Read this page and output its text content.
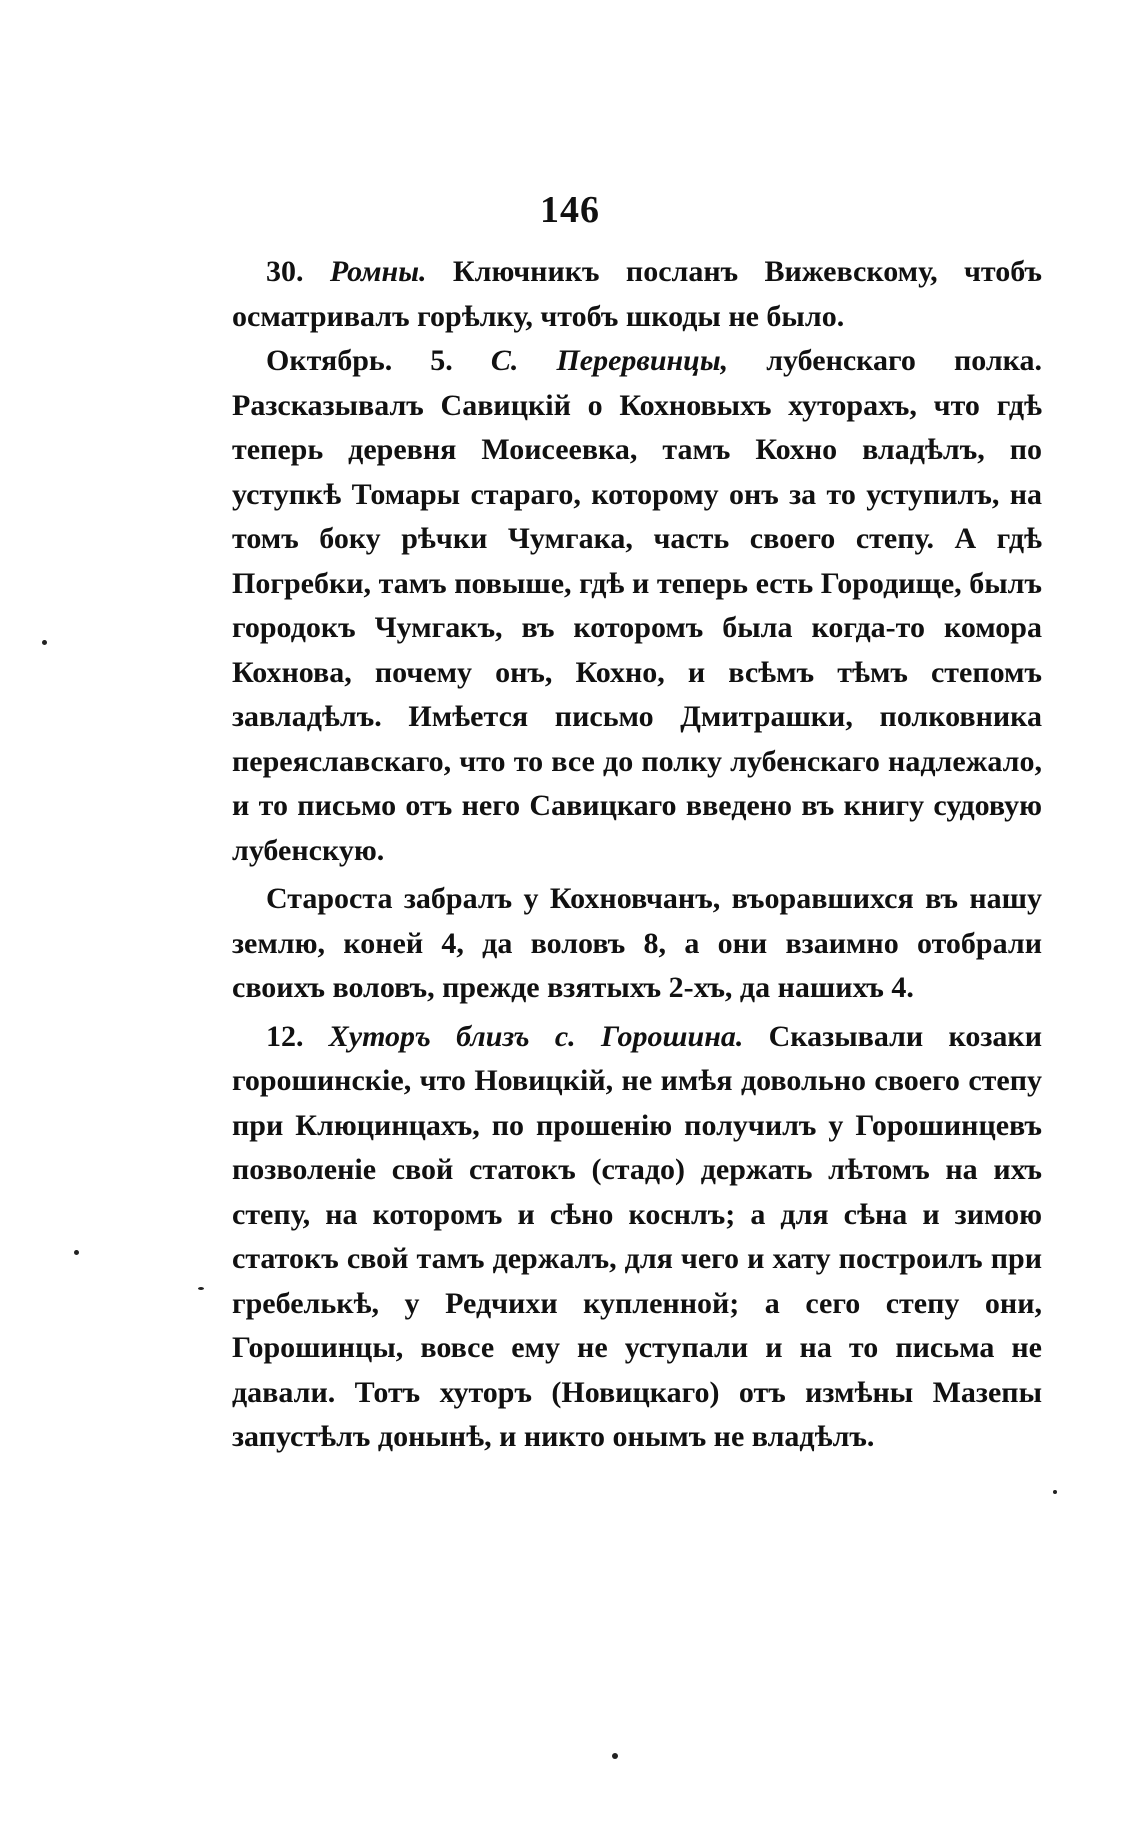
146

30. Ромны. Ключникъ посланъ Вижевскому, чтобъ осматривалъ горѣлку, чтобъ шкоды не было.

Октябрь. 5. С. Перервинцы, лубенскаго полка. Разсказывалъ Савицкій о Кохновыхъ хуторахъ, что гдѣ теперь деревня Моисеевка, тамъ Кохно владѣлъ, по уступкѣ Томары стараго, которому онъ за то уступилъ, на томъ боку рѣчки Чумгака, часть своего степу. А гдѣ Погребки, тамъ повыше, гдѣ и теперь есть Городище, былъ городокъ Чумгакъ, въ которомъ была когда-то комора Кохнова, почему онъ, Кохно, и всѣмъ тѣмъ степомъ завладѣлъ. Имѣется письмо Дмитрашки, полковника переяславскаго, что то все до полку лубенскаго надлежало, и то письмо отъ него Савицкаго введено въ книгу судовую лубенскую.

Староста забралъ у Кохновчанъ, въоравшихся въ нашу землю, коней 4, да воловъ 8, а они взаимно отобрали своихъ воловъ, прежде взятыхъ 2-хъ, да нашихъ 4.

12. Хуторъ близъ с. Горошина. Сказывали козаки горошинскіе, что Новицкій, не имѣя довольно своего степу при Клюцинцахъ, по прошенію получилъ у Горошинцевъ позволеніе свой статокъ (стадо) держать лѣтомъ на ихъ степу, на которомъ и сѣно коснлъ; а для сѣна и зимою статокъ свой тамъ держалъ, для чего и хату построилъ при гребелькѣ, у Редчихи купленной; а сего степу они, Горошинцы, вовсе ему не уступали и на то письма не давали. Тотъ хуторъ (Новицкаго) отъ измѣны Мазепы запустѣлъ донынѣ, и никто онымъ не владѣлъ.
